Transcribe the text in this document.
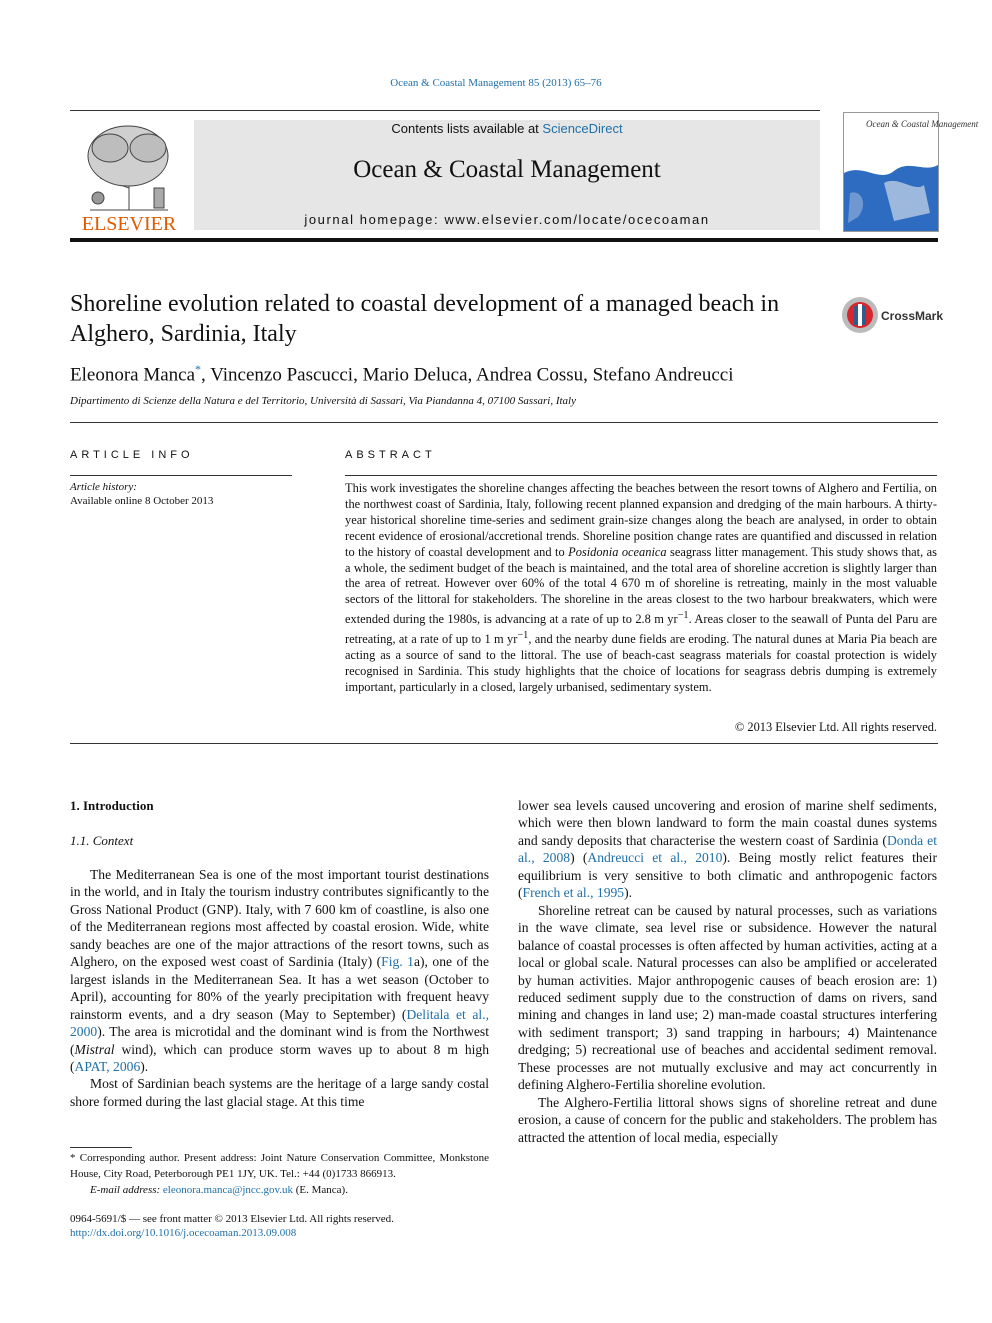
Ocean & Coastal Management 85 (2013) 65–76
ELSEVIER
Contents lists available at ScienceDirect
Ocean & Coastal Management
journal homepage: www.elsevier.com/locate/ocecoaman
Ocean & Coastal Management
Shoreline evolution related to coastal development of a managed beach in Alghero, Sardinia, Italy
CrossMark
Eleonora Manca*, Vincenzo Pascucci, Mario Deluca, Andrea Cossu, Stefano Andreucci
Dipartimento di Scienze della Natura e del Territorio, Università di Sassari, Via Piandanna 4, 07100 Sassari, Italy
ARTICLE INFO
Article history:
Available online 8 October 2013
ABSTRACT
This work investigates the shoreline changes affecting the beaches between the resort towns of Alghero and Fertilia, on the northwest coast of Sardinia, Italy, following recent planned expansion and dredging of the main harbours. A thirty-year historical shoreline time-series and sediment grain-size changes along the beach are analysed, in order to obtain recent evidence of erosional/accretional trends. Shoreline position change rates are quantified and discussed in relation to the history of coastal development and to Posidonia oceanica seagrass litter management. This study shows that, as a whole, the sediment budget of the beach is maintained, and the total area of shoreline accretion is slightly larger than the area of retreat. However over 60% of the total 4 670 m of shoreline is retreating, mainly in the most valuable sectors of the littoral for stakeholders. The shoreline in the areas closest to the two harbour breakwaters, which were extended during the 1980s, is advancing at a rate of up to 2.8 m $yr^{-1}$. Areas closer to the seawall of Punta del Paru are retreating, at a rate of up to 1 m $yr^{-1}$, and the nearby dune fields are eroding. The natural dunes at Maria Pia beach are acting as a source of sand to the littoral. The use of beach-cast seagrass materials for coastal protection is widely recognised in Sardinia. This study highlights that the choice of locations for seagrass debris dumping is extremely important, particularly in a closed, largely urbanised, sedimentary system.
© 2013 Elsevier Ltd. All rights reserved.
1. Introduction
1.1. Context

The Mediterranean Sea is one of the most important tourist destinations in the world, and in Italy the tourism industry contributes significantly to the Gross National Product (GNP). Italy, with 7 600 km of coastline, is also one of the Mediterranean regions most affected by coastal erosion. Wide, white sandy beaches are one of the major attractions of the resort towns, such as Alghero, on the exposed west coast of Sardinia (Italy) (Fig. 1a), one of the largest islands in the Mediterranean Sea. It has a wet season (October to April), accounting for 80% of the yearly precipitation with frequent heavy rainstorm events, and a dry season (May to September) (Delitala et al., 2000). The area is microtidal and the dominant wind is from the Northwest (Mistral wind), which can produce storm waves up to about 8 m high (APAT, 2006).

Most of Sardinian beach systems are the heritage of a large sandy costal shore formed during the last glacial stage. At this time

lower sea levels caused uncovering and erosion of marine shelf sediments, which were then blown landward to form the main coastal dunes systems and sandy deposits that characterise the western coast of Sardinia (Donda et al., 2008) (Andreucci et al., 2010). Being mostly relict features their equilibrium is very sensitive to both climatic and anthropogenic factors (French et al., 1995).

Shoreline retreat can be caused by natural processes, such as variations in the wave climate, sea level rise or subsidence. However the natural balance of coastal processes is often affected by human activities, acting at a local or global scale. Natural processes can also be amplified or accelerated by human activities. Major anthropogenic causes of beach erosion are: 1) reduced sediment supply due to the construction of dams on rivers, sand mining and changes in land use; 2) man-made coastal structures interfering with sediment transport; 3) sand trapping in harbours; 4) Maintenance dredging; 5) recreational use of beaches and accidental sediment removal. These processes are not mutually exclusive and may act concurrently in defining Alghero-Fertilia shoreline evolution.

The Alghero-Fertilia littoral shows signs of shoreline retreat and dune erosion, a cause of concern for the public and stakeholders. The problem has attracted the attention of local media, especially

* Corresponding author. Present address: Joint Nature Conservation Committee, Monkstone House, City Road, Peterborough PE1 1JY, UK. Tel.: +44 (0)1733 866913.
E-mail address: eleonora.manca@jncc.gov.uk (E. Manca).
0964-5691/$ — see front matter © 2013 Elsevier Ltd. All rights reserved.
http://dx.doi.org/10.1016/j.ocecoaman.2013.09.008
